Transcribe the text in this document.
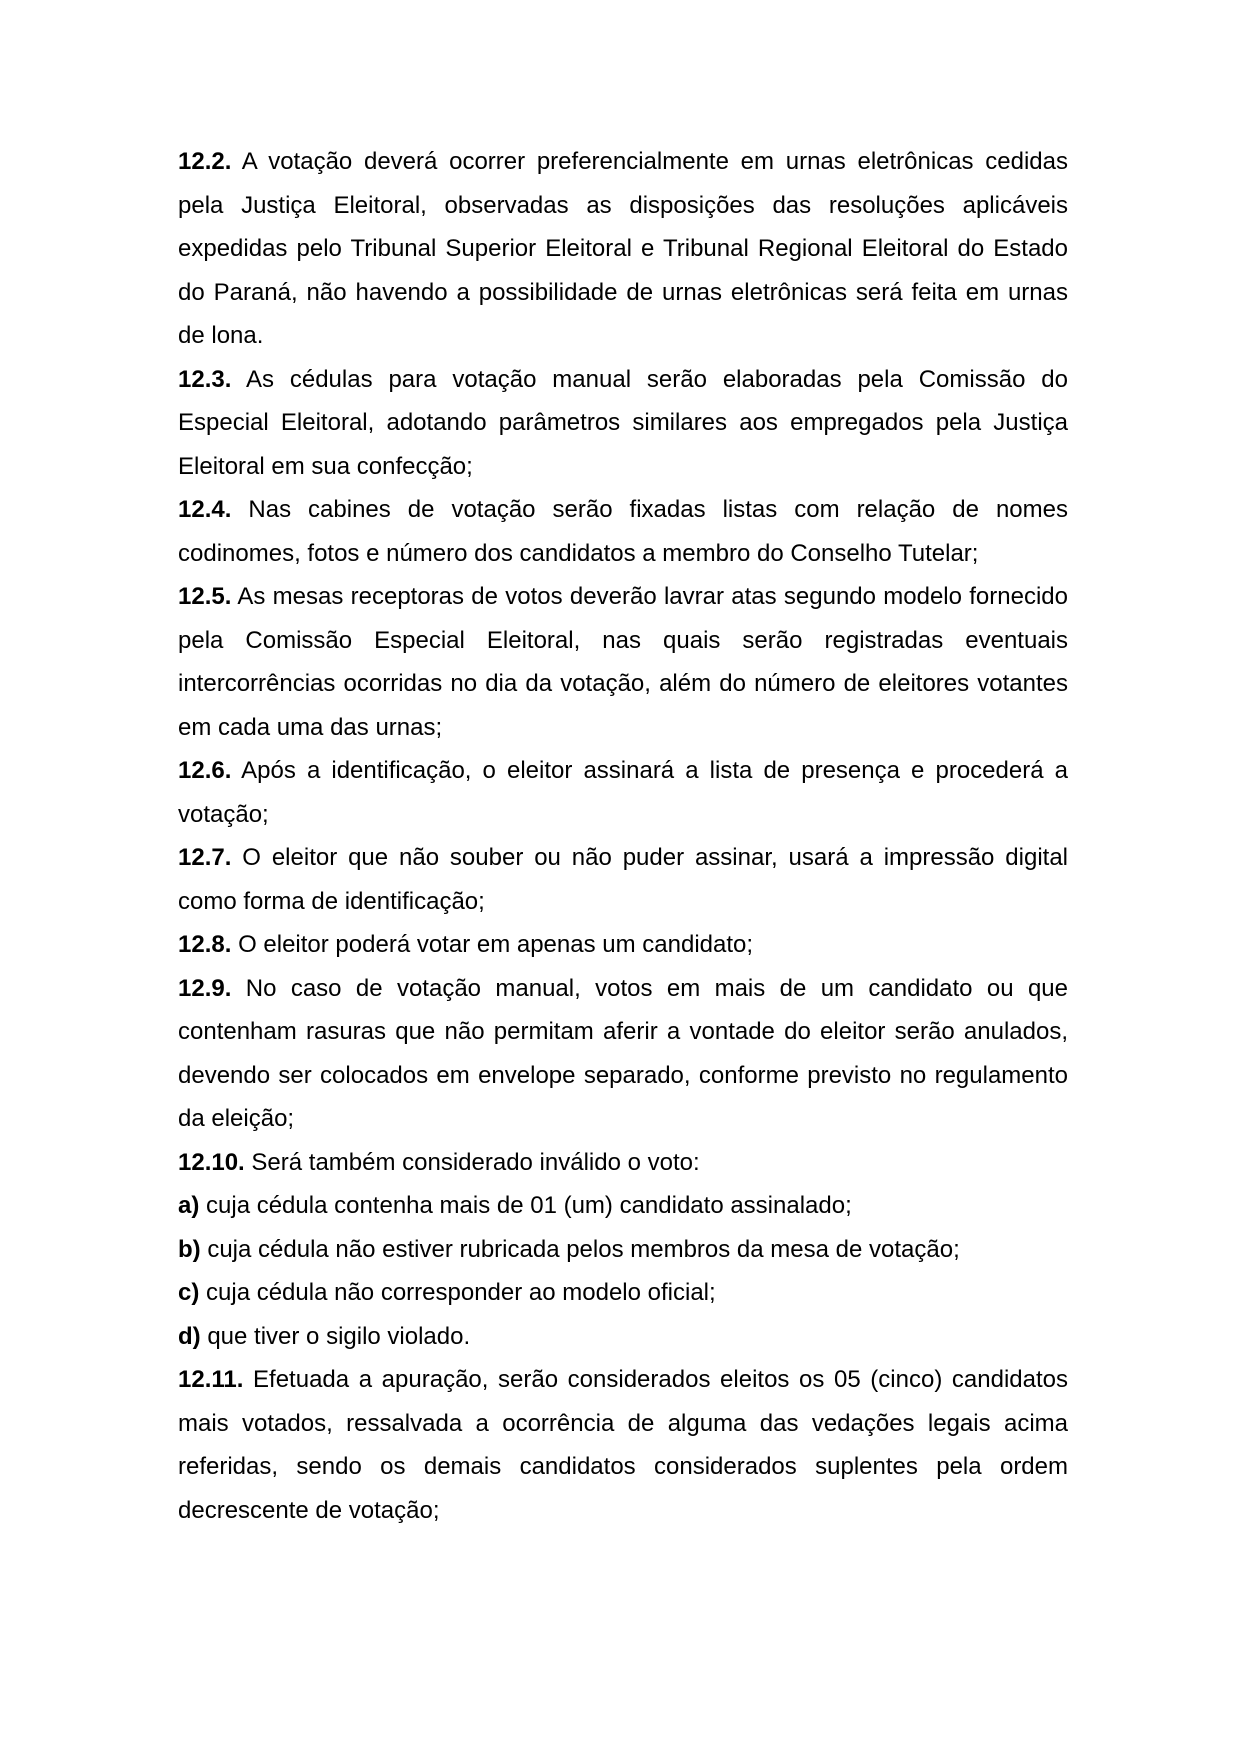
12.2. A votação deverá ocorrer preferencialmente em urnas eletrônicas cedidas pela Justiça Eleitoral, observadas as disposições das resoluções aplicáveis expedidas pelo Tribunal Superior Eleitoral e Tribunal Regional Eleitoral do Estado do Paraná, não havendo a possibilidade de urnas eletrônicas será feita em urnas de lona.

12.3. As cédulas para votação manual serão elaboradas pela Comissão do Especial Eleitoral, adotando parâmetros similares aos empregados pela Justiça Eleitoral em sua confecção;

12.4. Nas cabines de votação serão fixadas listas com relação de nomes codinomes, fotos e número dos candidatos a membro do Conselho Tutelar;

12.5. As mesas receptoras de votos deverão lavrar atas segundo modelo fornecido pela Comissão Especial Eleitoral, nas quais serão registradas eventuais intercorrências ocorridas no dia da votação, além do número de eleitores votantes em cada uma das urnas;

12.6. Após a identificação, o eleitor assinará a lista de presença e procederá a votação;

12.7. O eleitor que não souber ou não puder assinar, usará a impressão digital como forma de identificação;

12.8. O eleitor poderá votar em apenas um candidato;

12.9. No caso de votação manual, votos em mais de um candidato ou que contenham rasuras que não permitam aferir a vontade do eleitor serão anulados, devendo ser colocados em envelope separado, conforme previsto no regulamento da eleição;

12.10. Será também considerado inválido o voto:

a) cuja cédula contenha mais de 01 (um) candidato assinalado;

b) cuja cédula não estiver rubricada pelos membros da mesa de votação;

c) cuja cédula não corresponder ao modelo oficial;

d) que tiver o sigilo violado.

12.11. Efetuada a apuração, serão considerados eleitos os 05 (cinco) candidatos mais votados, ressalvada a ocorrência de alguma das vedações legais acima referidas, sendo os demais candidatos considerados suplentes pela ordem decrescente de votação;
